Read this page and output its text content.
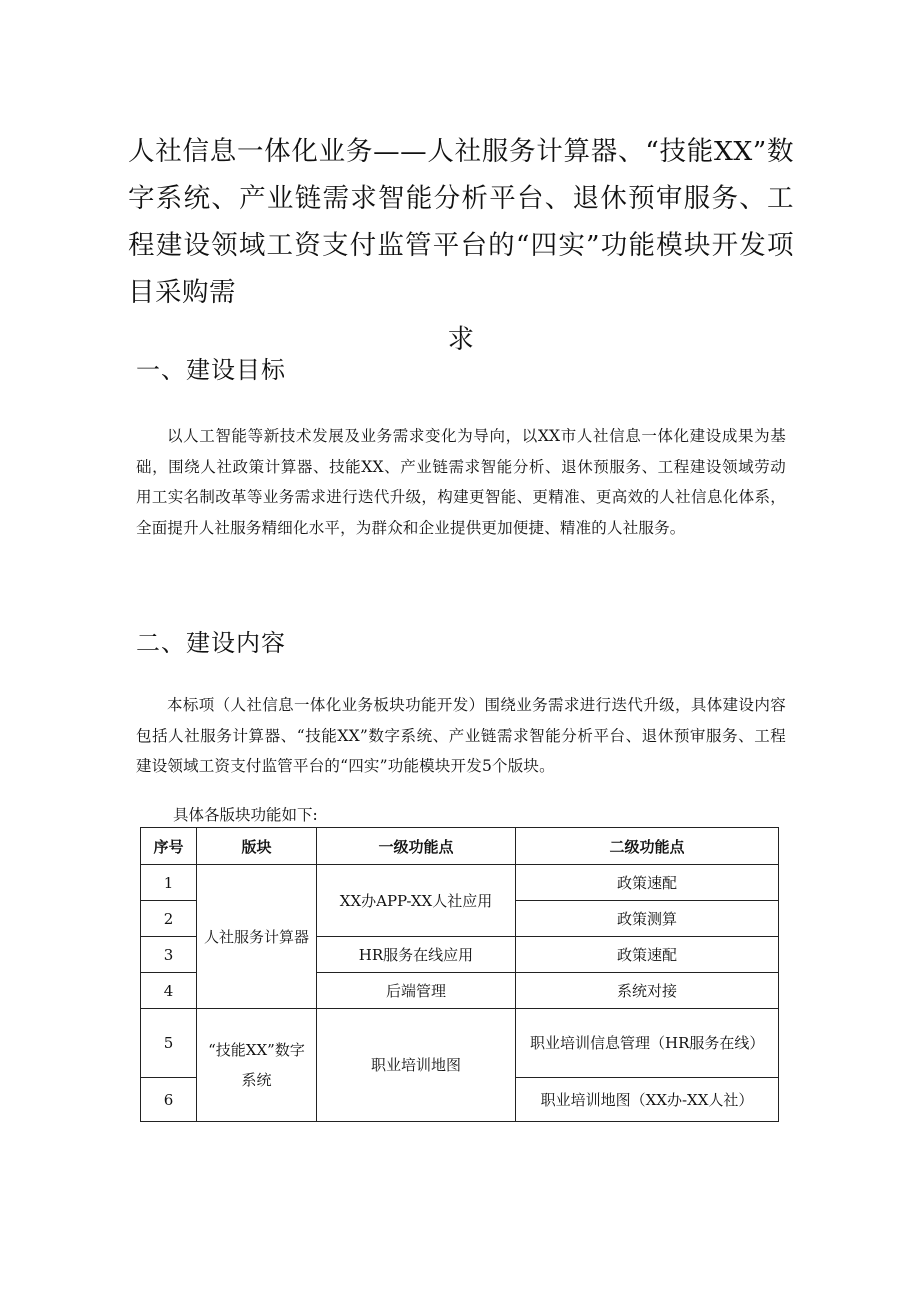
人社信息一体化业务——人社服务计算器、“技能XX”数字系统、产业链需求智能分析平台、退休预审服务、工程建设领域工资支付监管平台的“四实”功能模块开发项目采购需
求
一、建设目标
以人工智能等新技术发展及业务需求变化为导向，以XX市人社信息一体化建设成果为基础，围绕人社政策计算器、技能XX、产业链需求智能分析、退休预服务、工程建设领域劳动用工实名制改革等业务需求进行迭代升级，构建更智能、更精准、更高效的人社信息化体系，全面提升人社服务精细化水平，为群众和企业提供更加便捷、精准的人社服务。
二、建设内容
本标项（人社信息一体化业务板块功能开发）围绕业务需求进行迭代升级，具体建设内容包括人社服务计算器、“技能XX”数字系统、产业链需求智能分析平台、退休预审服务、工程建设领域工资支付监管平台的“四实”功能模块开发5个版块。
具体各版块功能如下:
序号	版块	一级功能点	二级功能点
1	人社服务计算器	XX办APP-XX人社应用	政策速配
2			政策测算
3		HR服务在线应用	政策速配
4		后端管理	系统对接
5	“技能XX”数字系统	职业培训地图	职业培训信息管理（HR服务在线）
6			职业培训地图（XX办-XX人社）
